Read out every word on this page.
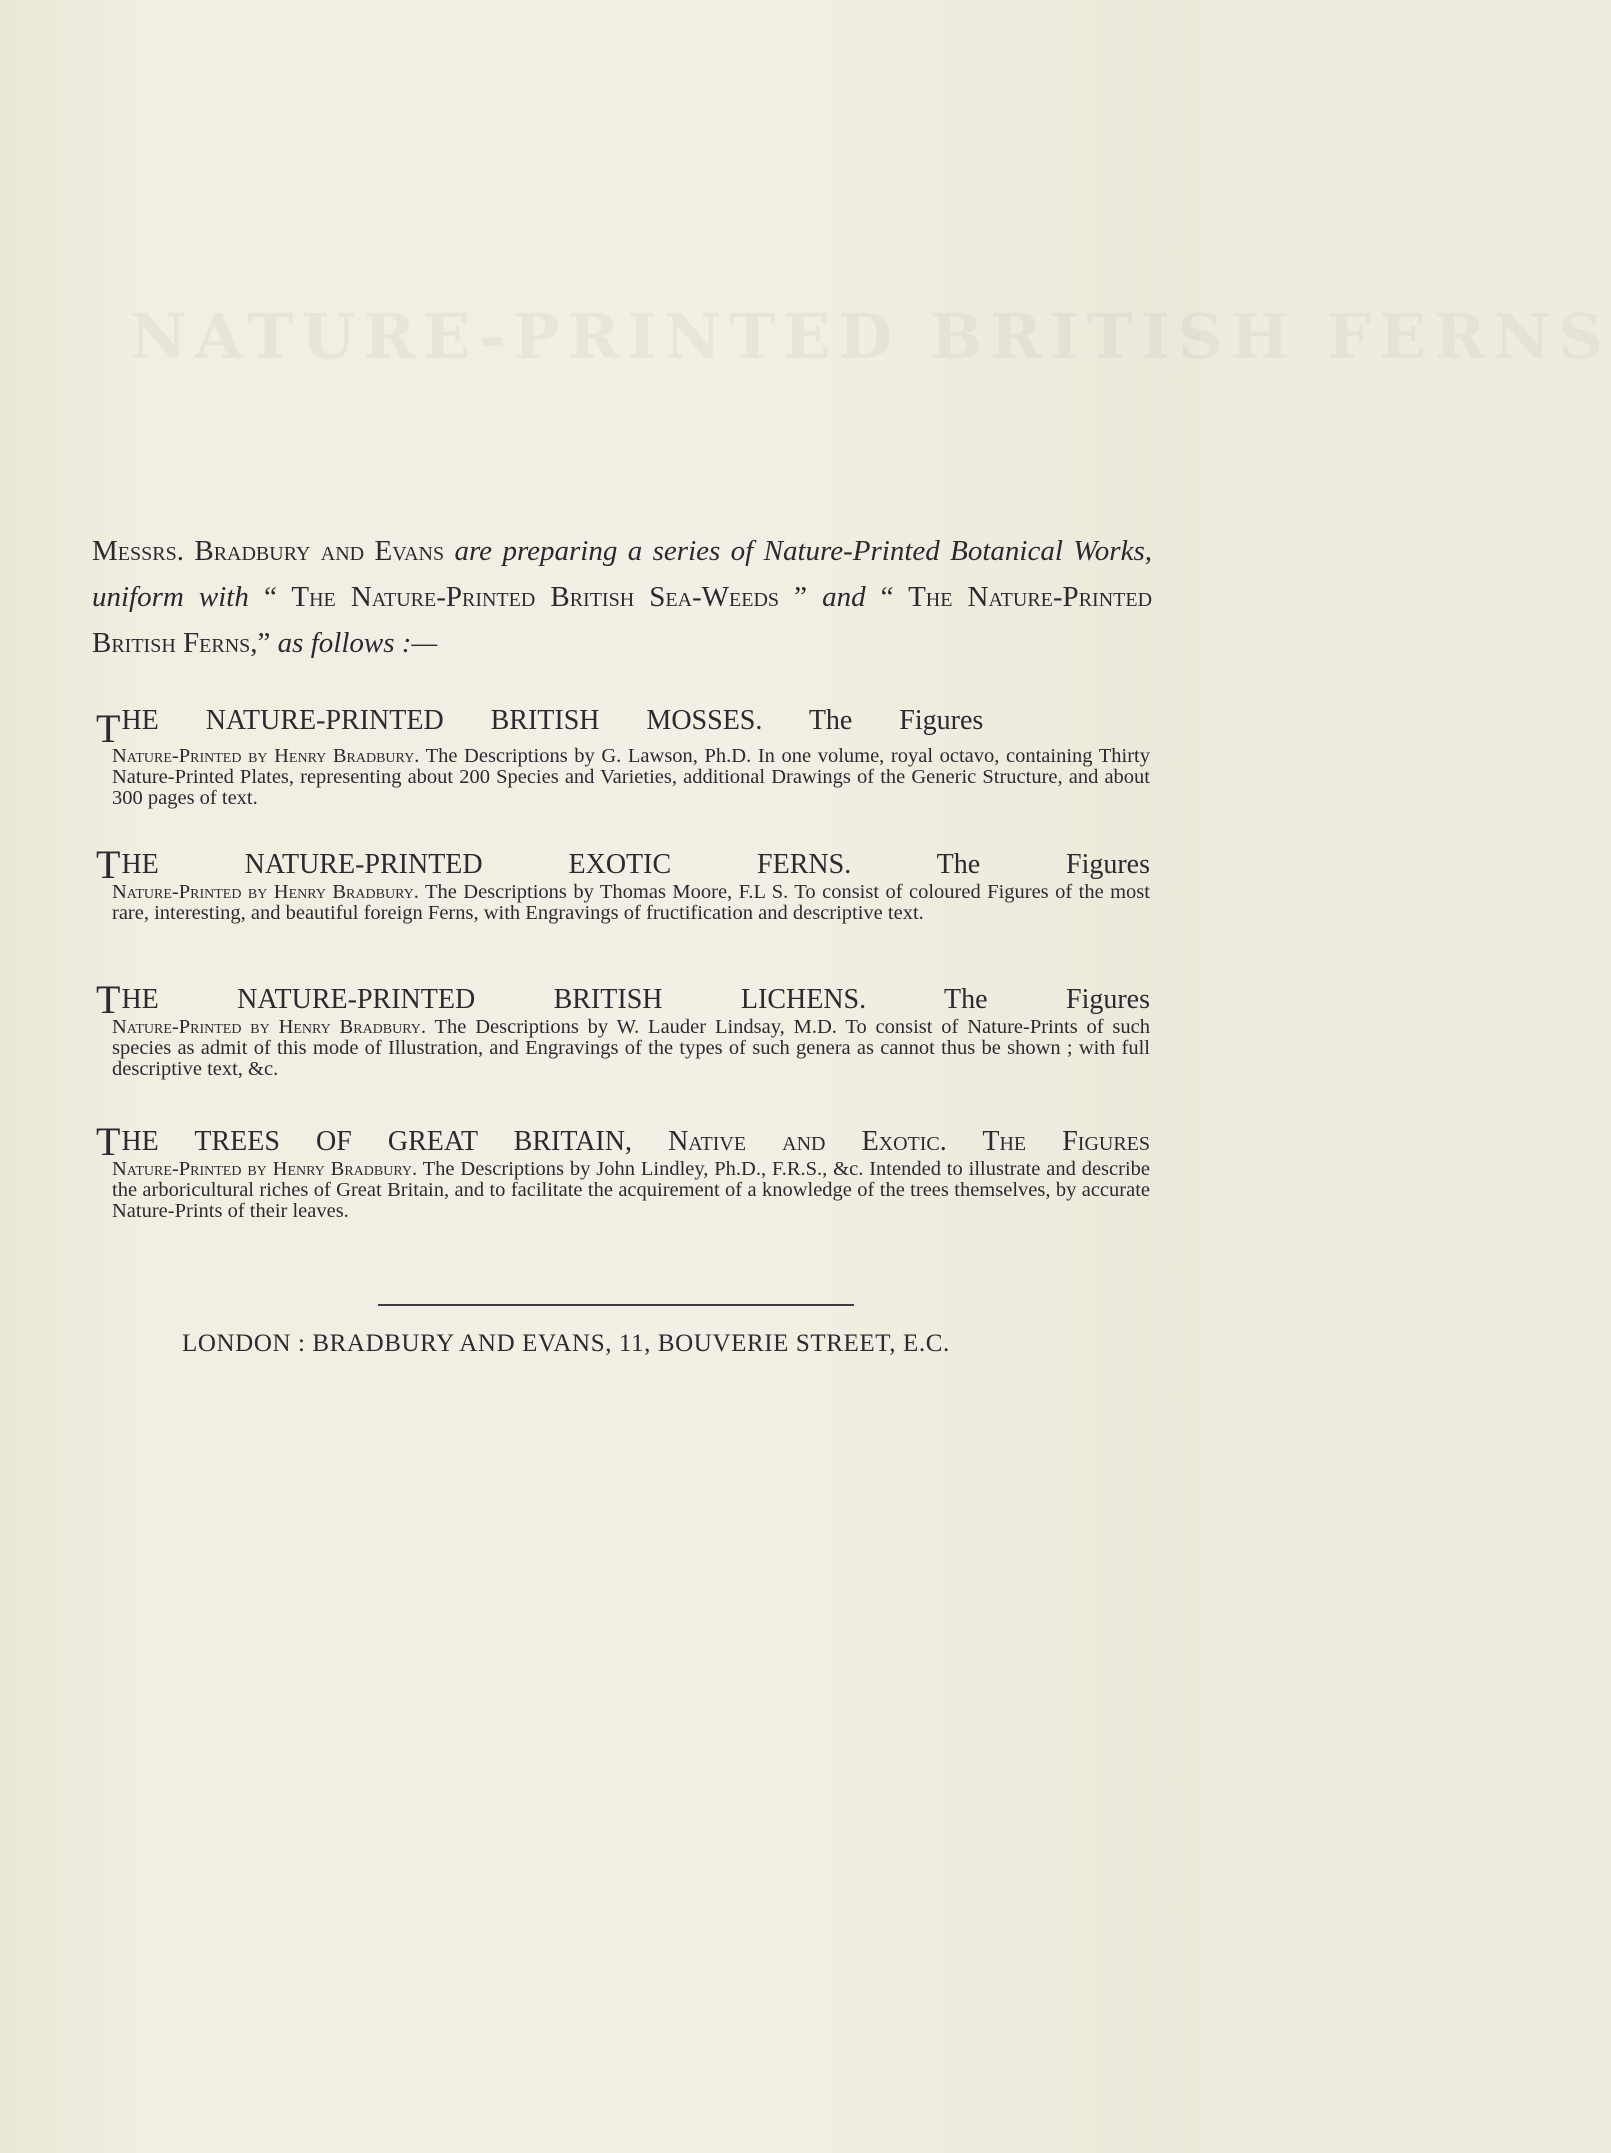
NATURE-PRINTED BRITISH FERNS

Messrs. Bradbury and Evans are preparing a series of Nature-Printed Botanical Works, uniform with “ The Nature-Printed British Sea-Weeds ” and “ The Nature-Printed British Ferns,” as follows :—

THE NATURE-PRINTED BRITISH MOSSES. The Figures

Nature-Printed by Henry Bradbury. The Descriptions by G. Lawson, Ph.D. In one volume, royal octavo, containing Thirty Nature-Printed Plates, representing about 200 Species and Varieties, additional Drawings of the Generic Structure, and about 300 pages of text.

THE NATURE-PRINTED EXOTIC FERNS.	The Figures

Nature-Printed by Henry Bradbury. The Descriptions by Thomas Moore, F.L S. To consist of coloured Figures of the most rare, interesting, and beautiful foreign Ferns, with Engravings of fructification and descriptive text.

THE NATURE-PRINTED BRITISH LICHENS.	The Figures

Nature-Printed by Henry Bradbury. The Descriptions by W. Lauder Lindsay, M.D. To consist of Nature-Prints of such species as admit of this mode of Illustration, and Engravings of the types of such genera as cannot thus be shown ; with full descriptive text, &c.

THE TREES OF GREAT BRITAIN, Native and Exotic. The Figures

Nature-Printed by Henry Bradbury. The Descriptions by John Lindley, Ph.D., F.R.S., &c. Intended to illustrate and describe the arboricultural riches of Great Britain, and to facilitate the acquirement of a knowledge of the trees themselves, by accurate Nature-Prints of their leaves.

LONDON : BRADBURY AND EVANS, 11, BOUVERIE STREET, E.C.
